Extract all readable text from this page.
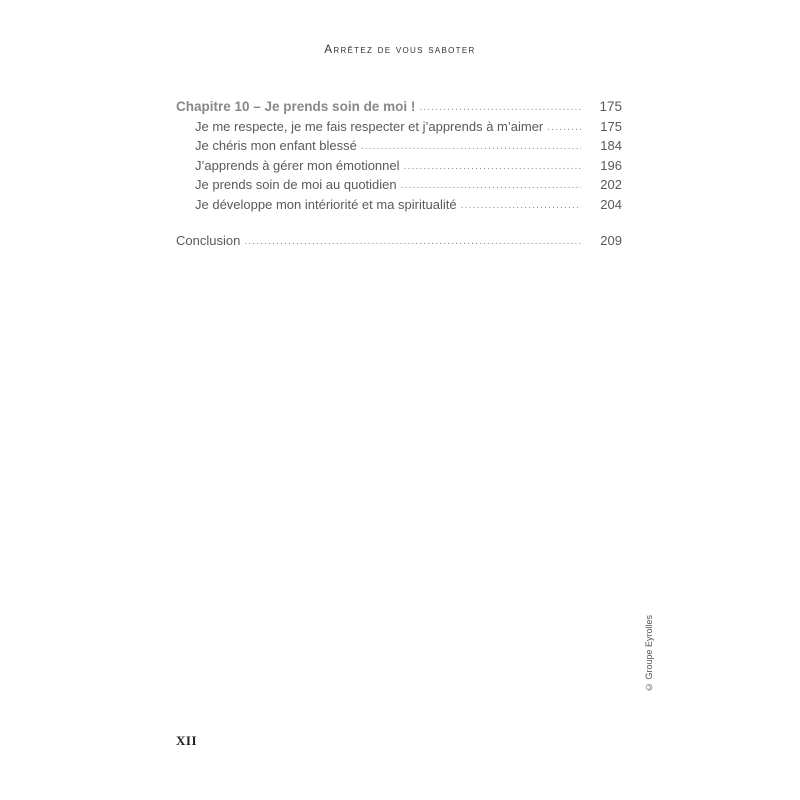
Arrêtez de vous saboter
Chapitre 10 – Je prends soin de moi ! .....	175
Je me respecte, je me fais respecter et j’apprends à m’aimer .....	175
Je chéris mon enfant blessé .....	184
J’apprends à gérer mon émotionnel .....	196
Je prends soin de moi au quotidien .....	202
Je développe mon intériorité et ma spiritualité .....	204
Conclusion .....	209
© Groupe Eyrolles
XII
